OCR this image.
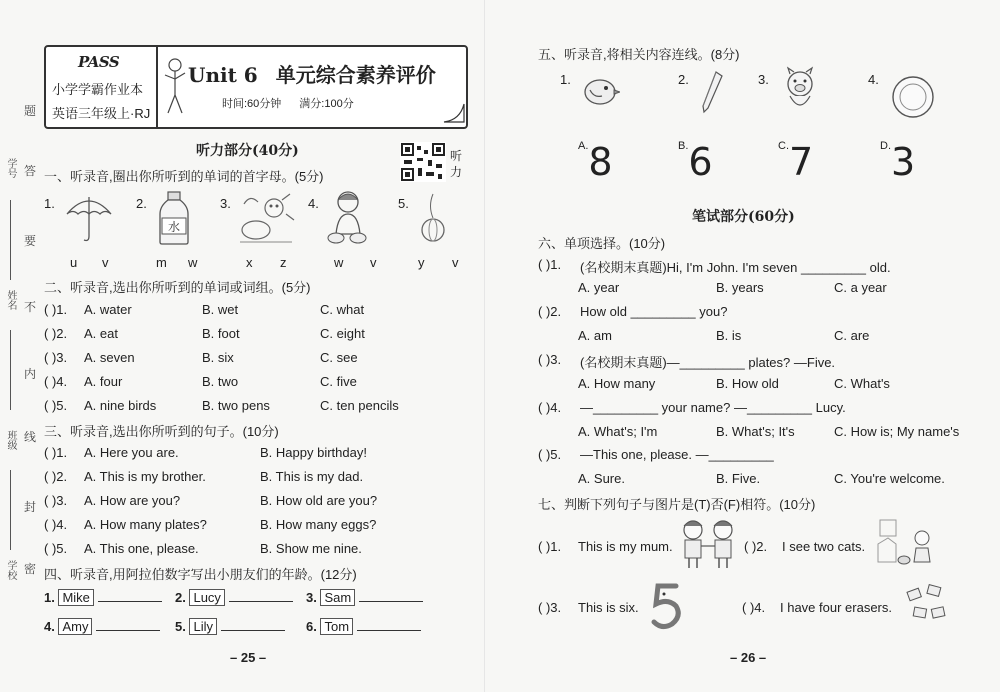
题
答
要
不
内
线
封
密
学号
姓名
班级
学校
PASS
小学学霸作业本
英语三年级上·RJ
Unit 6 单元综合素养评价
时间:60分钟 满分:100分
听力部分(40分)	听力
一、听录音,圈出你所听到的单词的首字母。(5分)
1.	2.
水
3.	4.	5.
u v	m w	x z	w v	y v
二、听录音,选出你所听到的单词或词组。(5分)
( )1. A. water	B. wet	C. what
( )2. A. eat	B. foot	C. eight
( )3. A. seven	B. six	C. see
( )4. A. four	B. two	C. five
( )5. A. nine birds	B. two pens	C. ten pencils
三、听录音,选出你所听到的句子。(10分)
( )1. A. Here you are.	B. Happy birthday!
( )2. A. This is my brother.	B. This is my dad.
( )3. A. How are you?	B. How old are you?
( )4. A. How many plates?	B. How many eggs?
( )5. A. This one, please.	B. Show me nine.
四、听录音,用阿拉伯数字写出小朋友们的年龄。(12分)
1. Mike	2. Lucy	3. Sam
4. Amy	5. Lily	6. Tom
– 25 –
五、听录音,将相关内容连线。(8分)
1.	2.	3.	4.
$^{A.}$8	$^{B.}$6	$^{C.}$7	$^{D.}$3
笔试部分(60分)
六、单项选择。(10分)
( )1. (名校期末真题)Hi, I'm John. I'm seven _________ old.
A. year	B. years	C. a year
( )2. How old _________ you?
A. am	B. is	C. are
( )3. (名校期末真题)—_________ plates? —Five.
A. How many	B. How old	C. What's
( )4. —_________ your name? —_________ Lucy.
A. What's; I'm	B. What's; It's	C. How is; My name's
( )5. —This one, please. —_________
A. Sure.	B. Five.	C. You're welcome.
七、判断下列句子与图片是(T)否(F)相符。(10分)
( )1. This is my mum.	( )2. I see two cats.
( )3. This is six.	( )4. I have four erasers.
– 26 –
